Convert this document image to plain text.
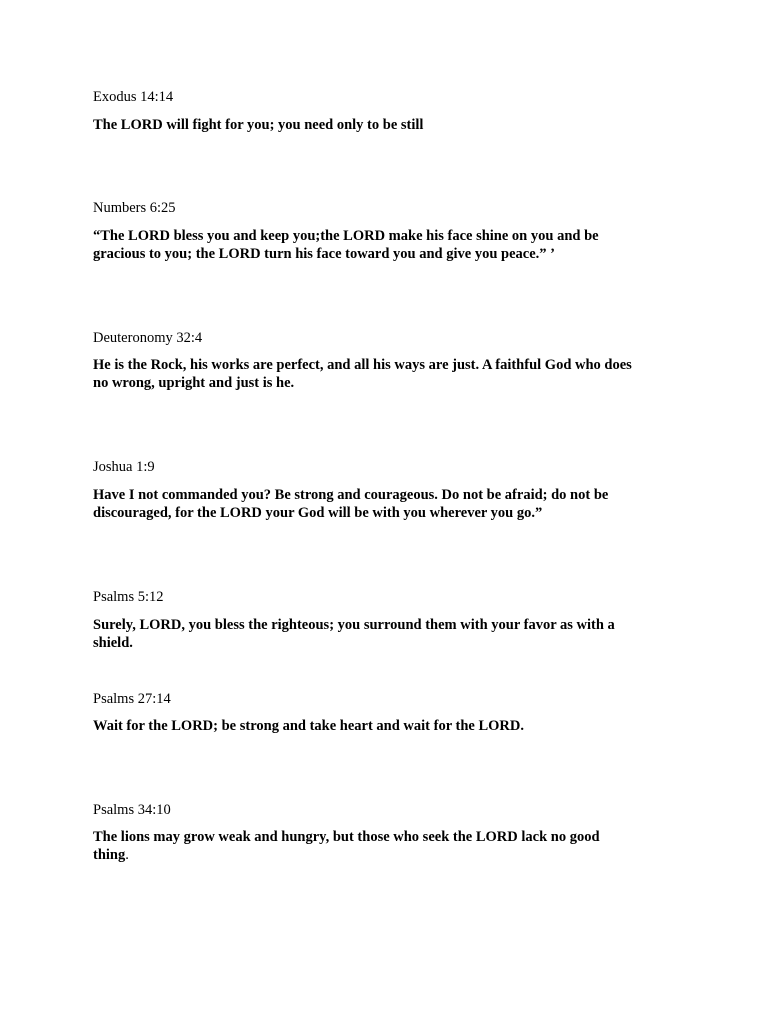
Exodus 14:14
The LORD will fight for you; you need only to be still
Numbers 6:25
“The LORD bless you and keep you;the LORD make his face shine on you and be
gracious to you; the LORD turn his face toward you and give you peace.” ’
Deuteronomy 32:4
He is the Rock, his works are perfect, and all his ways are just. A faithful God who does
no wrong, upright and just is he.
Joshua 1:9
Have I not commanded you? Be strong and courageous. Do not be afraid; do not be
discouraged, for the LORD your God will be with you wherever you go.”
Psalms 5:12
Surely, LORD, you bless the righteous; you surround them with your favor as with a
shield.
Psalms 27:14
Wait for the LORD; be strong and take heart and wait for the LORD.
Psalms 34:10
The lions may grow weak and hungry, but those who seek the LORD lack no good
thing.
